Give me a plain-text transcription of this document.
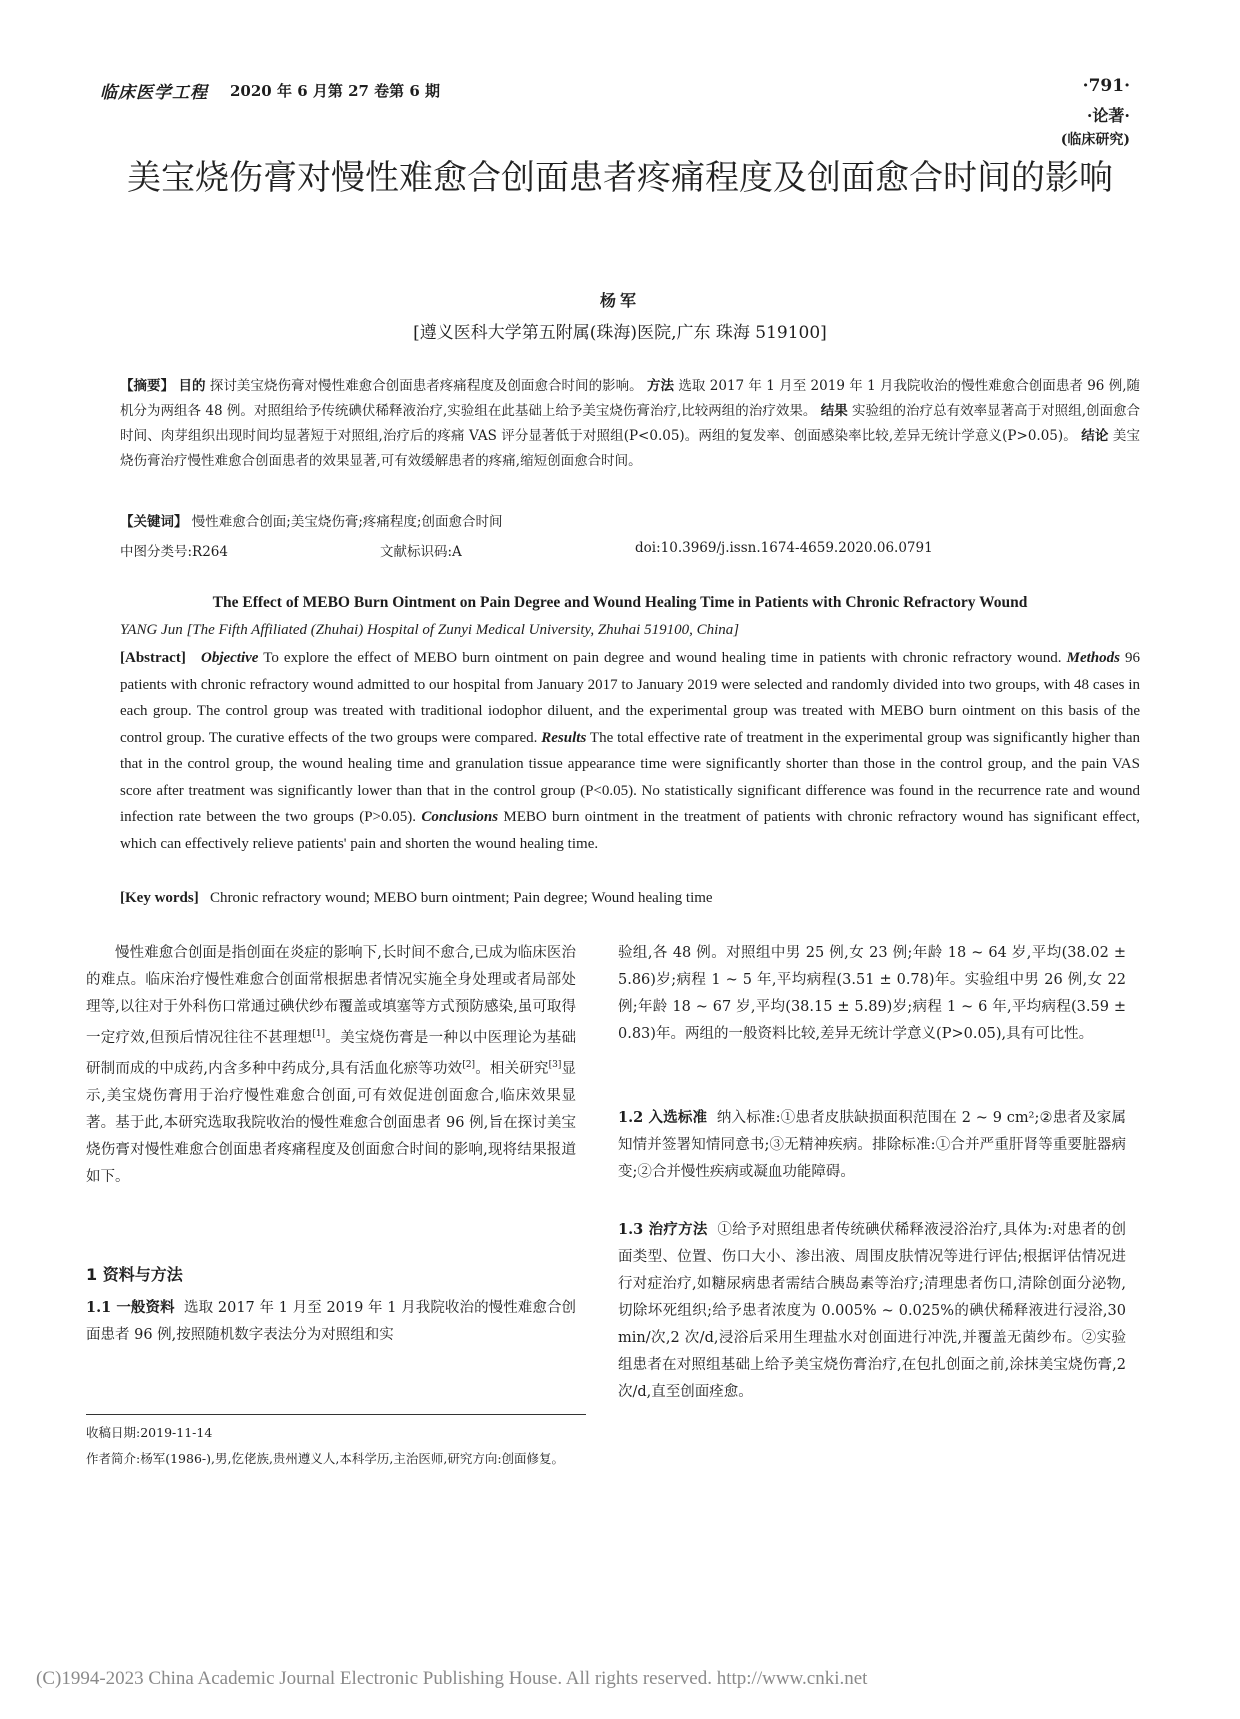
临床医学工程 2020 年 6 月第 27 卷第 6 期	·791·
·论著·
(临床研究)
美宝烧伤膏对慢性难愈合创面患者疼痛程度及创面愈合时间的影响
杨军
[遵义医科大学第五附属(珠海)医院,广东 珠海 519100]
【摘要】 目的 探讨美宝烧伤膏对慢性难愈合创面患者疼痛程度及创面愈合时间的影响。 方法 选取 2017 年 1 月至 2019 年 1 月我院收治的慢性难愈合创面患者 96 例,随机分为两组各 48 例。对照组给予传统碘伏稀释液治疗,实验组在此基础上给予美宝烧伤膏治疗,比较两组的治疗效果。 结果 实验组的治疗总有效率显著高于对照组,创面愈合时间、肉芽组织出现时间均显著短于对照组,治疗后的疼痛 VAS 评分显著低于对照组(P<0.05)。两组的复发率、创面感染率比较,差异无统计学意义(P>0.05)。 结论 美宝烧伤膏治疗慢性难愈合创面患者的效果显著,可有效缓解患者的疼痛,缩短创面愈合时间。
【关键词】 慢性难愈合创面;美宝烧伤膏;疼痛程度;创面愈合时间
中图分类号:R264	文献标识码:A	doi:10.3969/j.issn.1674-4659.2020.06.0791
The Effect of MEBO Burn Ointment on Pain Degree and Wound Healing Time in Patients with Chronic Refractory Wound
YANG Jun [The Fifth Affiliated (Zhuhai) Hospital of Zunyi Medical University, Zhuhai 519100, China]
[Abstract] Objective To explore the effect of MEBO burn ointment on pain degree and wound healing time in patients with chronic refractory wound. Methods 96 patients with chronic refractory wound admitted to our hospital from January 2017 to January 2019 were selected and randomly divided into two groups, with 48 cases in each group. The control group was treated with traditional iodophor diluent, and the experimental group was treated with MEBO burn ointment on this basis of the control group. The curative effects of the two groups were compared. Results The total effective rate of treatment in the experimental group was significantly higher than that in the control group, the wound healing time and granulation tissue appearance time were significantly shorter than those in the control group, and the pain VAS score after treatment was significantly lower than that in the control group (P<0.05). No statistically significant difference was found in the recurrence rate and wound infection rate between the two groups (P>0.05). Conclusions MEBO burn ointment in the treatment of patients with chronic refractory wound has significant effect, which can effectively relieve patients' pain and shorten the wound healing time.
[Key words] Chronic refractory wound; MEBO burn ointment; Pain degree; Wound healing time

慢性难愈合创面是指创面在炎症的影响下,长时间不愈合,已成为临床医治的难点。临床治疗慢性难愈合创面常根据患者情况实施全身处理或者局部处理等,以往对于外科伤口常通过碘伏纱布覆盖或填塞等方式预防感染,虽可取得一定疗效,但预后情况往往不甚理想[1]。美宝烧伤膏是一种以中医理论为基础研制而成的中成药,内含多种中药成分,具有活血化瘀等功效[2]。相关研究[3]显示,美宝烧伤膏用于治疗慢性难愈合创面,可有效促进创面愈合,临床效果显著。基于此,本研究选取我院收治的慢性难愈合创面患者 96 例,旨在探讨美宝烧伤膏对慢性难愈合创面患者疼痛程度及创面愈合时间的影响,现将结果报道如下。

1 资料与方法
1.1 一般资料 选取 2017 年 1 月至 2019 年 1 月我院收治的慢性难愈合创面患者 96 例,按照随机数字表法分为对照组和实
收稿日期:2019-11-14
作者简介:杨军(1986-),男,仡佬族,贵州遵义人,本科学历,主治医师,研究方向:创面修复。
验组,各 48 例。对照组中男 25 例,女 23 例;年龄 18 ~ 64 岁,平均(38.02 ± 5.86)岁;病程 1 ~ 5 年,平均病程(3.51 ± 0.78)年。实验组中男 26 例,女 22 例;年龄 18 ~ 67 岁,平均(38.15 ± 5.89)岁;病程 1 ~ 6 年,平均病程(3.59 ± 0.83)年。两组的一般资料比较,差异无统计学意义(P>0.05),具有可比性。
1.2 入选标准 纳入标准:①患者皮肤缺损面积范围在 2 ~ 9 cm²;②患者及家属知情并签署知情同意书;③无精神疾病。排除标准:①合并严重肝肾等重要脏器病变;②合并慢性疾病或凝血功能障碍。
1.3 治疗方法 ①给予对照组患者传统碘伏稀释液浸浴治疗,具体为:对患者的创面类型、位置、伤口大小、渗出液、周围皮肤情况等进行评估;根据评估情况进行对症治疗,如糖尿病患者需结合胰岛素等治疗;清理患者伤口,清除创面分泌物,切除坏死组织;给予患者浓度为 0.005% ~ 0.025%的碘伏稀释液进行浸浴,30 min/次,2 次/d,浸浴后采用生理盐水对创面进行冲洗,并覆盖无菌纱布。②实验组患者在对照组基础上给予美宝烧伤膏治疗,在包扎创面之前,涂抹美宝烧伤膏,2 次/d,直至创面痊愈。
(C)1994-2023 China Academic Journal Electronic Publishing House. All rights reserved. http://www.cnki.net
